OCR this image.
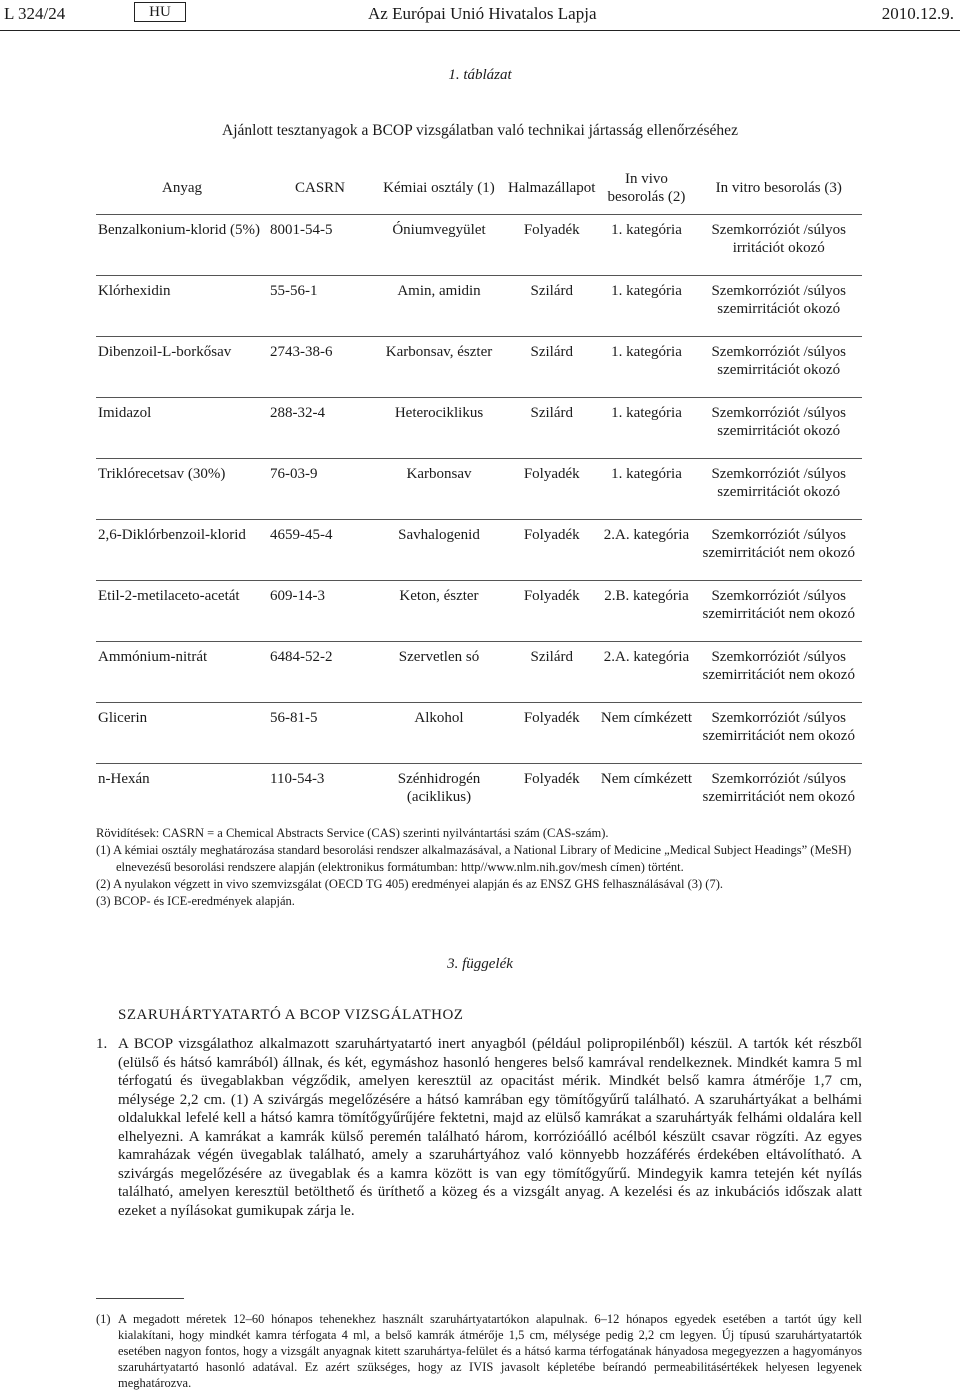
L 324/24	HU	Az Európai Unió Hivatalos Lapja	2010.12.9.
1. táblázat
Ajánlott tesztanyagok a BCOP vizsgálatban való technikai jártasság ellenőrzéséhez
Anyag	CASRN	Kémiai osztály (1)	Halmazállapot	In vivo besorolás (2)	In vitro besorolás (3)
Benzalkonium-klorid (5%)	8001-54-5	Óniumvegyület	Folyadék	1. kategória	Szemkorróziót /súlyos irritációt okozó
Klórhexidin	55-56-1	Amin, amidin	Szilárd	1. kategória	Szemkorróziót /súlyos szemirritációt okozó
Dibenzoil-L-borkősav	2743-38-6	Karbonsav, észter	Szilárd	1. kategória	Szemkorróziót /súlyos szemirritációt okozó
Imidazol	288-32-4	Heterociklikus	Szilárd	1. kategória	Szemkorróziót /súlyos szemirritációt okozó
Triklórecetsav (30%)	76-03-9	Karbonsav	Folyadék	1. kategória	Szemkorróziót /súlyos szemirritációt okozó
2,6-Diklórbenzoil-klorid	4659-45-4	Savhalogenid	Folyadék	2.A. kategória	Szemkorróziót /súlyos szemirritációt nem okozó
Etil-2-metilaceto-acetát	609-14-3	Keton, észter	Folyadék	2.B. kategória	Szemkorróziót /súlyos szemirritációt nem okozó
Ammónium-nitrát	6484-52-2	Szervetlen só	Szilárd	2.A. kategória	Szemkorróziót /súlyos szemirritációt nem okozó
Glicerin	56-81-5	Alkohol	Folyadék	Nem címkézett	Szemkorróziót /súlyos szemirritációt nem okozó
n-Hexán	110-54-3	Szénhidrogén (aciklikus)	Folyadék	Nem címkézett	Szemkorróziót /súlyos szemirritációt nem okozó

Rövidítések: CASRN = a Chemical Abstracts Service (CAS) szerinti nyilvántartási szám (CAS-szám).

(1) A kémiai osztály meghatározása standard besorolási rendszer alkalmazásával, a National Library of Medicine „Medical Subject Headings” (MeSH) elnevezésű besorolási rendszere alapján (elektronikus formátumban: http//www.nlm.nih.gov/mesh címen) történt.

(2) A nyulakon végzett in vivo szemvizsgálat (OECD TG 405) eredményei alapján és az ENSZ GHS felhasználásával (3) (7).

(3) BCOP- és ICE-eredmények alapján.

3. függelék
SZARUHÁRTYATARTÓ A BCOP VIZSGÁLATHOZ
1. A BCOP vizsgálathoz alkalmazott szaruhártyatartó inert anyagból (például polipropilénből) készül. A tartók két részből (elülső és hátsó kamrából) állnak, és két, egymáshoz hasonló hengeres belső kamrával rendelkeznek. Mindkét kamra 5 ml térfogatú és üvegablakban végződik, amelyen keresztül az opacitást mérik. Mindkét belső kamra átmérője 1,7 cm, mélysége 2,2 cm. (1) A szivárgás megelőzésére a hátsó kamrában egy tömítőgyűrű található. A szaruhártyákat a belhámi oldalukkal lefelé kell a hátsó kamra tömítőgyűrűjére fektetni, majd az elülső kamrákat a szaruhártyák felhámi oldalára kell elhelyezni. A kamrákat a kamrák külső peremén található három, korrózióálló acélból készült csavar rögzíti. Az egyes kamraházak végén üvegablak található, amely a szaruhártyához való könnyebb hozzáférés érdekében eltávolítható. A szivárgás megelőzésére az üvegablak és a kamra között is van egy tömítőgyűrű. Mindegyik kamra tetején két nyílás található, amelyen keresztül betölthető és üríthető a közeg és a vizsgált anyag. A kezelési és az inkubációs időszak alatt ezeket a nyílásokat gumikupak zárja le.
(1) A megadott méretek 12–60 hónapos tehenekhez használt szaruhártyatartókon alapulnak. 6–12 hónapos egyedek esetében a tartót úgy kell kialakítani, hogy mindkét kamra térfogata 4 ml, a belső kamrák átmérője 1,5 cm, mélysége pedig 2,2 cm legyen. Új típusú szaruhártyatartók esetében nagyon fontos, hogy a vizsgált anyagnak kitett szaruhártya-felület és a hátsó karma térfogatának hányadosa megegyezzen a hagyományos szaruhártyatartó hasonló adatával. Ez azért szükséges, hogy az IVIS javasolt képletébe beírandó permeabilitásértékek helyesen legyenek meghatározva.
